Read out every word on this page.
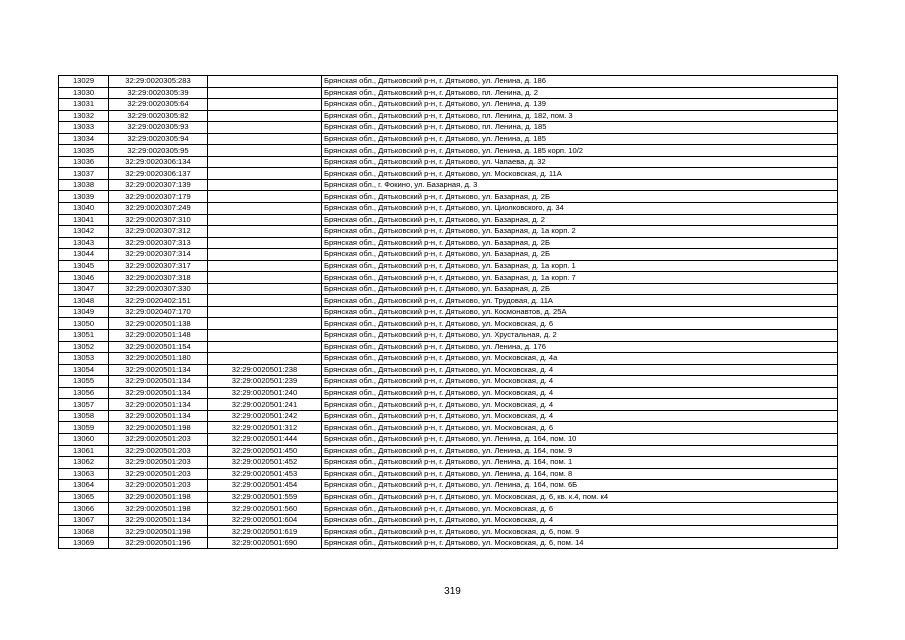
13029	32:29:0020305:283		Брянская обл., Дятьковский р-н, г. Дятьково, ул. Ленина, д. 186
13030	32:29:0020305:39		Брянская обл., Дятьковский р-н, г. Дятьково, пл. Ленина, д. 2
13031	32:29:0020305:64		Брянская обл., Дятьковский р-н, г. Дятьково, ул. Ленина, д. 139
13032	32:29:0020305:82		Брянская обл., Дятьковский р-н, г. Дятьково, пл. Ленина, д. 182, пом. 3
13033	32:29:0020305:93		Брянская обл., Дятьковский р-н, г. Дятьково, пл. Ленина, д. 185
13034	32:29:0020305:94		Брянская обл., Дятьковский р-н, г. Дятьково, ул. Ленина, д. 185
13035	32:29:0020305:95		Брянская обл., Дятьковский р-н, г. Дятьково, ул. Ленина, д. 185 корп. 10/2
13036	32:29:0020306:134		Брянская обл., Дятьковский р-н, г. Дятьково, ул. Чапаева, д. 32
13037	32:29:0020306:137		Брянская обл., Дятьковский р-н, г. Дятьково, ул. Московская, д. 11А
13038	32:29:0020307:139		Брянская обл., г. Фокино, ул. Базарная, д. 3
13039	32:29:0020307:179		Брянская обл., Дятьковский р-н, г. Дятьково, ул. Базарная, д. 2Б
13040	32:29:0020307:249		Брянская обл., Дятьковский р-н, г. Дятьково, ул. Циолковского, д. 34
13041	32:29:0020307:310		Брянская обл., Дятьковский р-н, г. Дятьково, ул. Базарная, д. 2
13042	32:29:0020307:312		Брянская обл., Дятьковский р-н, г. Дятьково, ул. Базарная, д. 1а корп. 2
13043	32:29:0020307:313		Брянская обл., Дятьковский р-н, г. Дятьково, ул. Базарная, д. 2Б
13044	32:29:0020307:314		Брянская обл., Дятьковский р-н, г. Дятьково, ул. Базарная, д. 2Б
13045	32:29:0020307:317		Брянская обл., Дятьковский р-н, г. Дятьково, ул. Базарная, д. 1а корп. 1
13046	32:29:0020307:318		Брянская обл., Дятьковский р-н, г. Дятьково, ул. Базарная, д. 1а корп. 7
13047	32:29:0020307:330		Брянская обл., Дятьковский р-н, г. Дятьково, ул. Базарная, д. 2Б
13048	32:29:0020402:151		Брянская обл., Дятьковский р-н, г. Дятьково, ул. Трудовая, д. 11А
13049	32:29:0020407:170		Брянская обл., Дятьковский р-н, г. Дятьково, ул. Космонавтов, д. 25А
13050	32:29:0020501:138		Брянская обл., Дятьковский р-н, г. Дятьково, ул. Московская, д. 6
13051	32:29:0020501:148		Брянская обл., Дятьковский р-н, г. Дятьково, ул. Хрустальная, д. 2
13052	32:29:0020501:154		Брянская обл., Дятьковский р-н, г. Дятьково, ул. Ленина, д. 176
13053	32:29:0020501:180		Брянская обл., Дятьковский р-н, г. Дятьково, ул. Московская, д. 4а
13054	32:29:0020501:134	32:29:0020501:238	Брянская обл., Дятьковский р-н, г. Дятьково, ул. Московская, д. 4
13055	32:29:0020501:134	32:29:0020501:239	Брянская обл., Дятьковский р-н, г. Дятьково, ул. Московская, д. 4
13056	32:29:0020501:134	32:29:0020501:240	Брянская обл., Дятьковский р-н, г. Дятьково, ул. Московская, д. 4
13057	32:29:0020501:134	32:29:0020501:241	Брянская обл., Дятьковский р-н, г. Дятьково, ул. Московская, д. 4
13058	32:29:0020501:134	32:29:0020501:242	Брянская обл., Дятьковский р-н, г. Дятьково, ул. Московская, д. 4
13059	32:29:0020501:198	32:29:0020501:312	Брянская обл., Дятьковский р-н, г. Дятьково, ул. Московская, д. 6
13060	32:29:0020501:203	32:29:0020501:444	Брянская обл., Дятьковский р-н, г. Дятьково, ул. Ленина, д. 164, пом. 10
13061	32:29:0020501:203	32:29:0020501:450	Брянская обл., Дятьковский р-н, г. Дятьково, ул. Ленина, д. 164, пом. 9
13062	32:29:0020501:203	32:29:0020501:452	Брянская обл., Дятьковский р-н, г. Дятьково, ул. Ленина, д. 164, пом. 1
13063	32:29:0020501:203	32:29:0020501:453	Брянская обл., Дятьковский р-н, г. Дятьково, ул. Ленина, д. 164, пом. 8
13064	32:29:0020501:203	32:29:0020501:454	Брянская обл., Дятьковский р-н, г. Дятьково, ул. Ленина, д. 164, пом. 6Б
13065	32:29:0020501:198	32:29:0020501:559	Брянская обл., Дятьковский р-н, г. Дятьково, ул. Московская, д. 6, кв. к.4, пом. к4
13066	32:29:0020501:198	32:29:0020501:560	Брянская обл., Дятьковский р-н, г. Дятьково, ул. Московская, д. 6
13067	32:29:0020501:134	32:29:0020501:604	Брянская обл., Дятьковский р-н, г. Дятьково, ул. Московская, д. 4
13068	32:29:0020501:198	32:29:0020501:619	Брянская обл., Дятьковский р-н, г. Дятьково, ул. Московская, д. 6, пом. 9
13069	32:29:0020501:196	32:29:0020501:690	Брянская обл., Дятьковский р-н, г. Дятьково, ул. Московская, д. 6, пом. 14
319
